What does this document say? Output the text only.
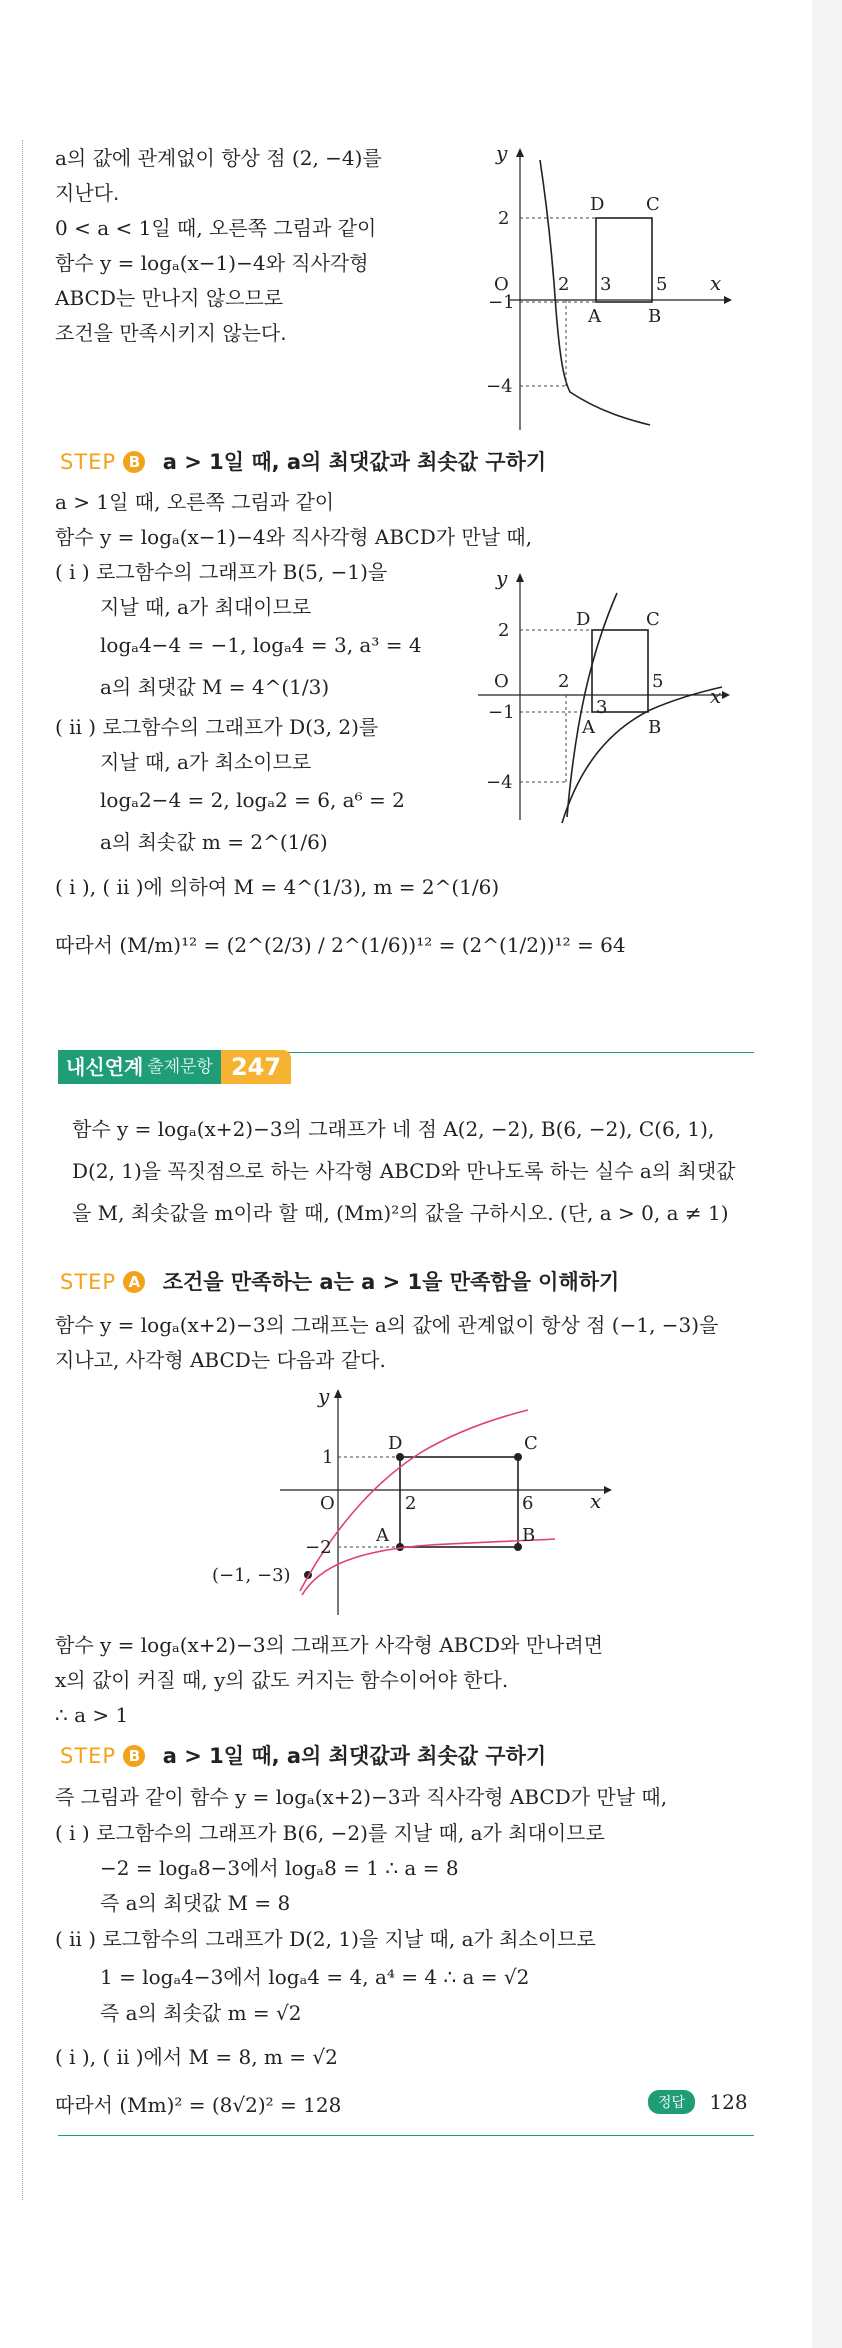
a의 값에 관계없이 항상 점 (2, −4)를
지난다.
0 < a < 1일 때, 오른쪽 그림과 같이
함수 y = logₐ(x−1)−4와 직사각형
ABCD는 만나지 않으므로
조건을 만족시키지 않는다.
y
x
O
2
−1
−4
2 3 5
D C
A	B
STEP B a > 1일 때, a의 최댓값과 최솟값 구하기
a > 1일 때, 오른쪽 그림과 같이
함수 y = logₐ(x−1)−4와 직사각형 ABCD가 만날 때,
( i ) 로그함수의 그래프가 B(5, −1)을
지날 때, a가 최대이므로
logₐ4−4 = −1, logₐ4 = 3, a³ = 4
a의 최댓값 M = 4^(1/3)
( ii ) 로그함수의 그래프가 D(3, 2)를
지날 때, a가 최소이므로
logₐ2−4 = 2, logₐ2 = 6, a⁶ = 2
a의 최솟값 m = 2^(1/6)
( i ), ( ii )에 의하여 M = 4^(1/3), m = 2^(1/6)
따라서 (M/m)¹² = (2^(2/3) / 2^(1/6))¹² = (2^(1/2))¹² = 64
y
x
O
2
−1
−4
2
3
5
D	C
A	B
내신연계 출제문항 247
함수 y = logₐ(x+2)−3의 그래프가 네 점 A(2, −2), B(6, −2), C(6, 1),
D(2, 1)을 꼭짓점으로 하는 사각형 ABCD와 만나도록 하는 실수 a의 최댓값
을 M, 최솟값을 m이라 할 때, (Mm)²의 값을 구하시오. (단, a > 0, a ≠ 1)
STEP A 조건을 만족하는 a는 a > 1을 만족함을 이해하기
함수 y = logₐ(x+2)−3의 그래프는 a의 값에 관계없이 항상 점 (−1, −3)을
지나고, 사각형 ABCD는 다음과 같다.
y
x
O
1
−2
2	6
(−1, −3)
D	C
A	B
함수 y = logₐ(x+2)−3의 그래프가 사각형 ABCD와 만나려면
x의 값이 커질 때, y의 값도 커지는 함수이어야 한다.
∴ a > 1
STEP B a > 1일 때, a의 최댓값과 최솟값 구하기
즉 그림과 같이 함수 y = logₐ(x+2)−3과 직사각형 ABCD가 만날 때,
( i ) 로그함수의 그래프가 B(6, −2)를 지날 때, a가 최대이므로
−2 = logₐ8−3에서 logₐ8 = 1 ∴ a = 8
즉 a의 최댓값 M = 8
( ii ) 로그함수의 그래프가 D(2, 1)을 지날 때, a가 최소이므로
1 = logₐ4−3에서 logₐ4 = 4, a⁴ = 4 ∴ a = √2
즉 a의 최솟값 m = √2
( i ), ( ii )에서 M = 8, m = √2
따라서 (Mm)² = (8√2)² = 128	정답 128
